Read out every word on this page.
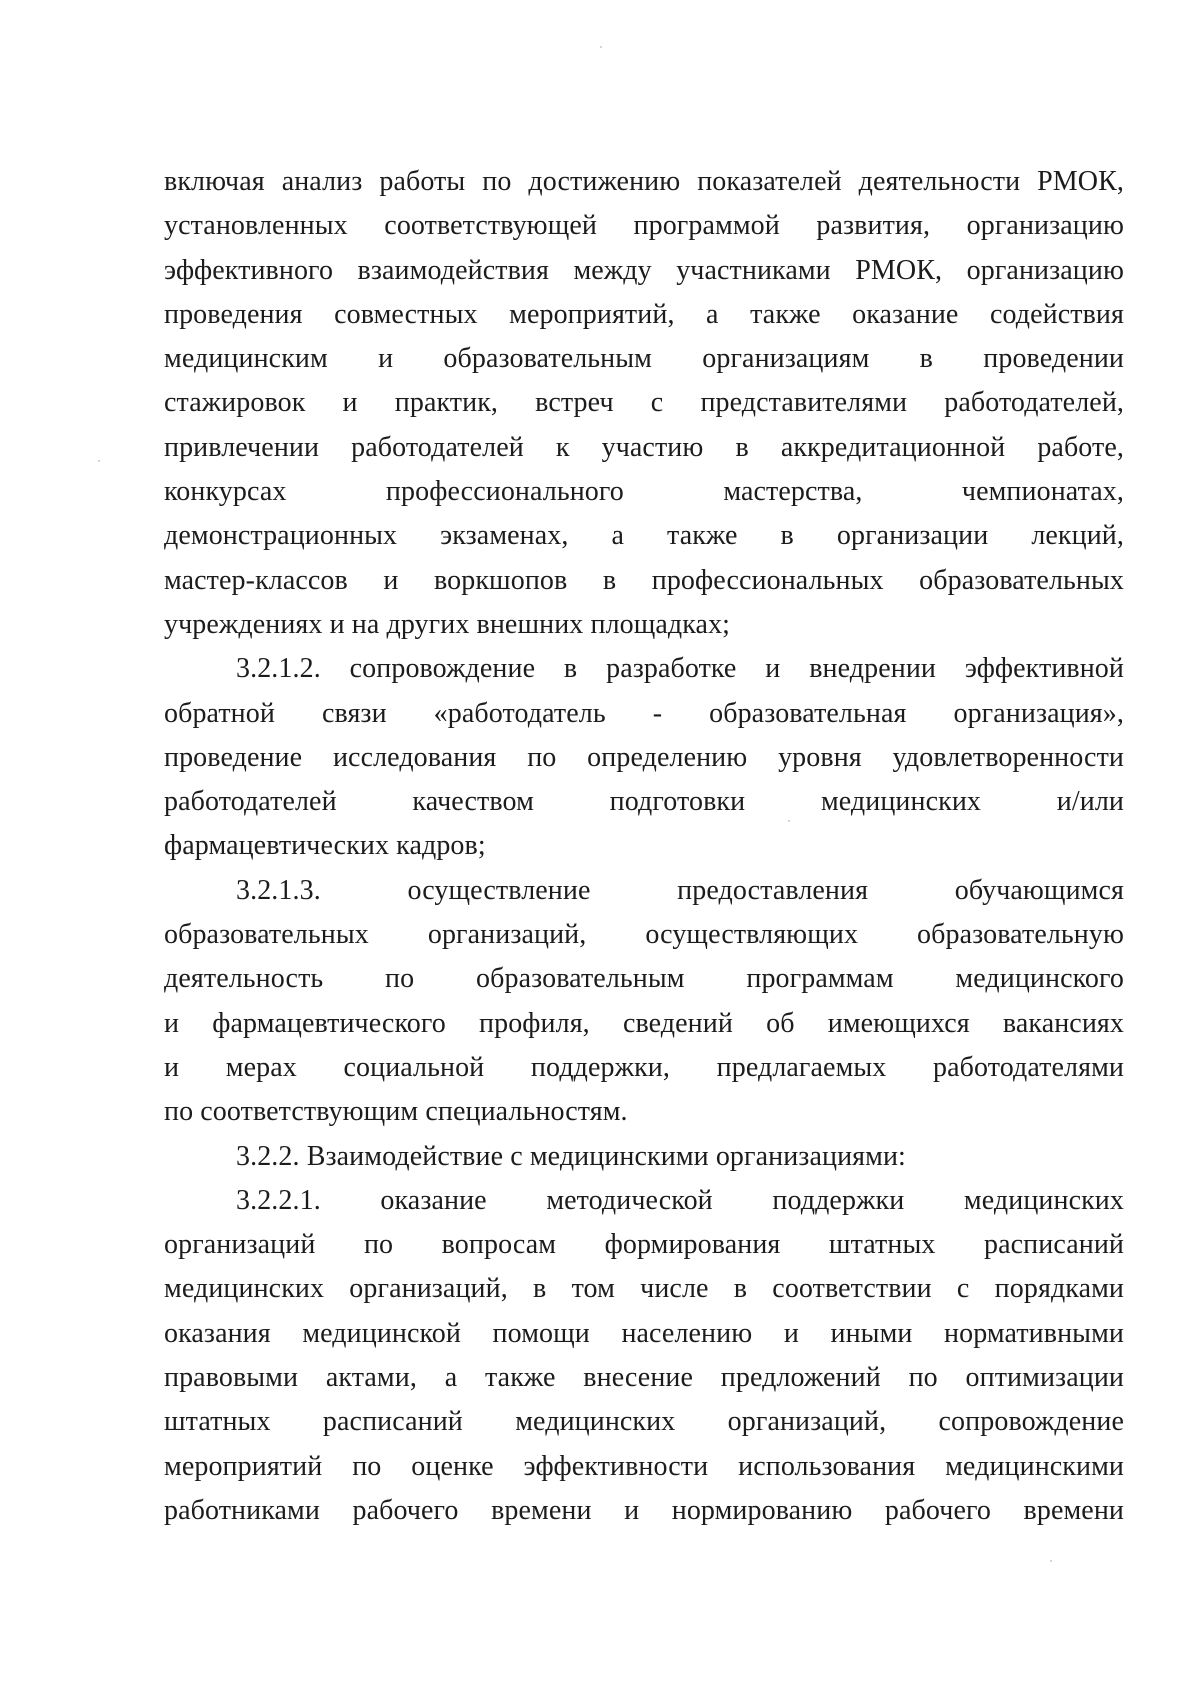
включая анализ работы по достижению показателей деятельности РМОК,
установленных соответствующей программой развития, организацию
эффективного взаимодействия между участниками РМОК, организацию
проведения совместных мероприятий, а также оказание содействия
медицинским и образовательным организациям в проведении
стажировок и практик, встреч с представителями работодателей,
привлечении работодателей к участию в аккредитационной работе,
конкурсах профессионального мастерства, чемпионатах,
демонстрационных экзаменах, а также в организации лекций,
мастер-классов и воркшопов в профессиональных образовательных
учреждениях и на других внешних площадках;
3.2.1.2. сопровождение в разработке и внедрении эффективной
обратной связи «работодатель - образовательная организация»,
проведение исследования по определению уровня удовлетворенности
работодателей качеством подготовки медицинских и/или
фармацевтических кадров;
3.2.1.3. осуществление предоставления обучающимся
образовательных организаций, осуществляющих образовательную
деятельность по образовательным программам медицинского
и фармацевтического профиля, сведений об имеющихся вакансиях
и мерах социальной поддержки, предлагаемых работодателями
по соответствующим специальностям.
3.2.2. Взаимодействие с медицинскими организациями:
3.2.2.1. оказание методической поддержки медицинских
организаций по вопросам формирования штатных расписаний
медицинских организаций, в том числе в соответствии с порядками
оказания медицинской помощи населению и иными нормативными
правовыми актами, а также внесение предложений по оптимизации
штатных расписаний медицинских организаций, сопровождение
мероприятий по оценке эффективности использования медицинскими
работниками рабочего времени и нормированию рабочего времени
